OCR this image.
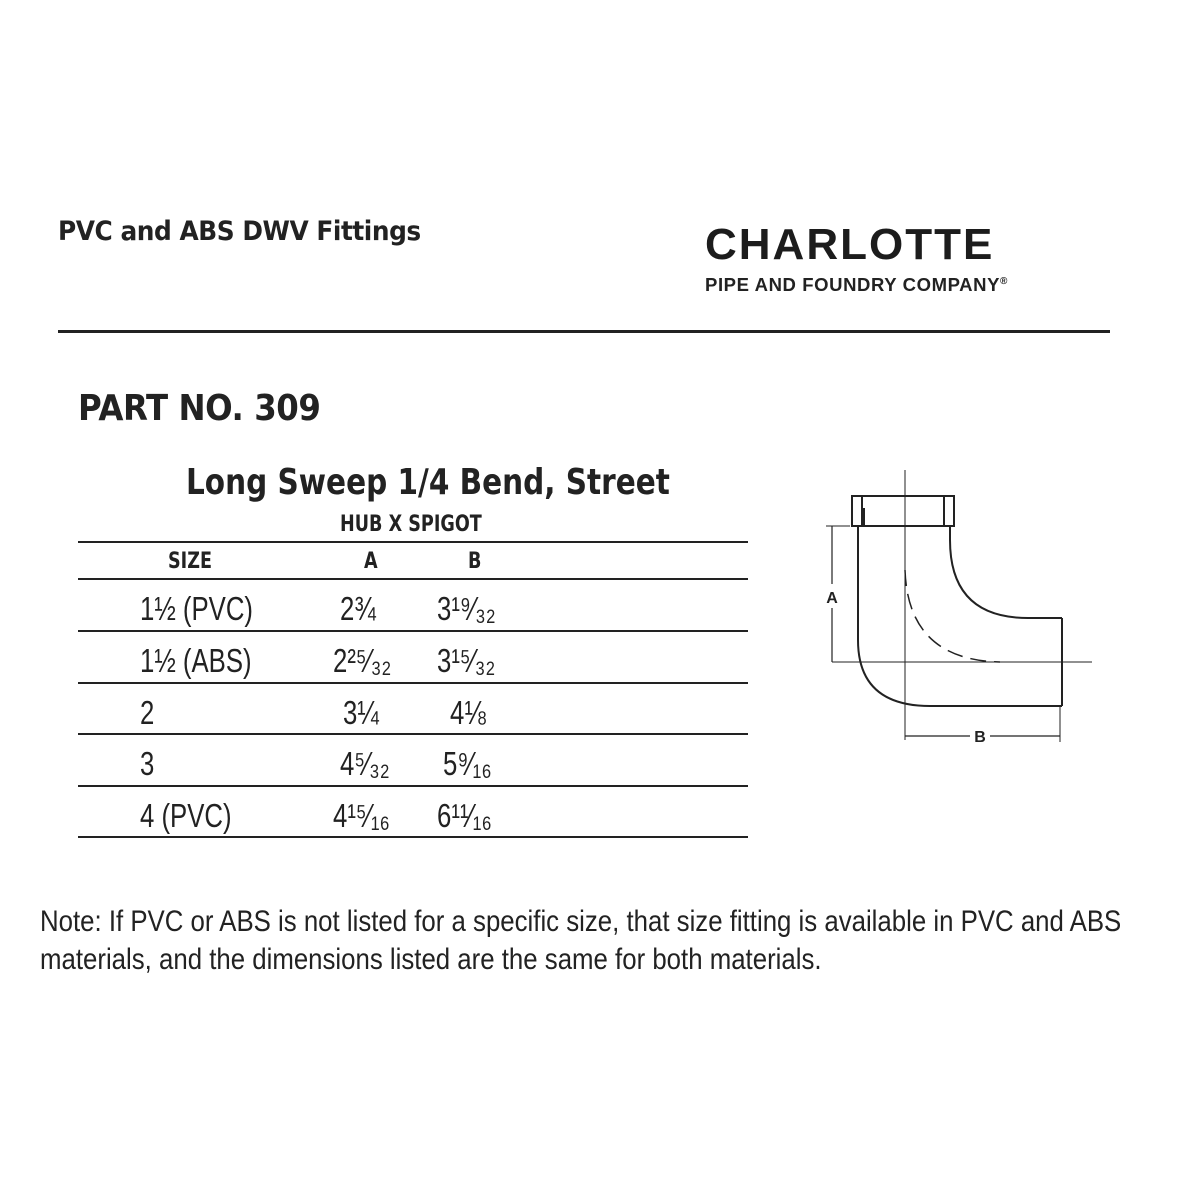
PVC and ABS DWV Fittings	CHARLOTTE
PIPE AND FOUNDRY COMPANY®
PART NO. 309
Long Sweep 1/4 Bend, Street
HUB X SPIGOT
SIZE	A	B
1½ (PVC)	2¾ 3¹⁹⁄₃₂
1½ (ABS) 2²⁵⁄₃₂ 3¹⁵⁄₃₂
2	3¼ 4⅛
3	4⁵⁄₃₂ 5⁹⁄₁₆
4 (PVC)	4¹⁵⁄₁₆ 6¹¹⁄₁₆
A
B
Note: If PVC or ABS is not listed for a specific size, that size fitting is available in PVC and ABS materials, and the dimensions listed are the same for both materials.
